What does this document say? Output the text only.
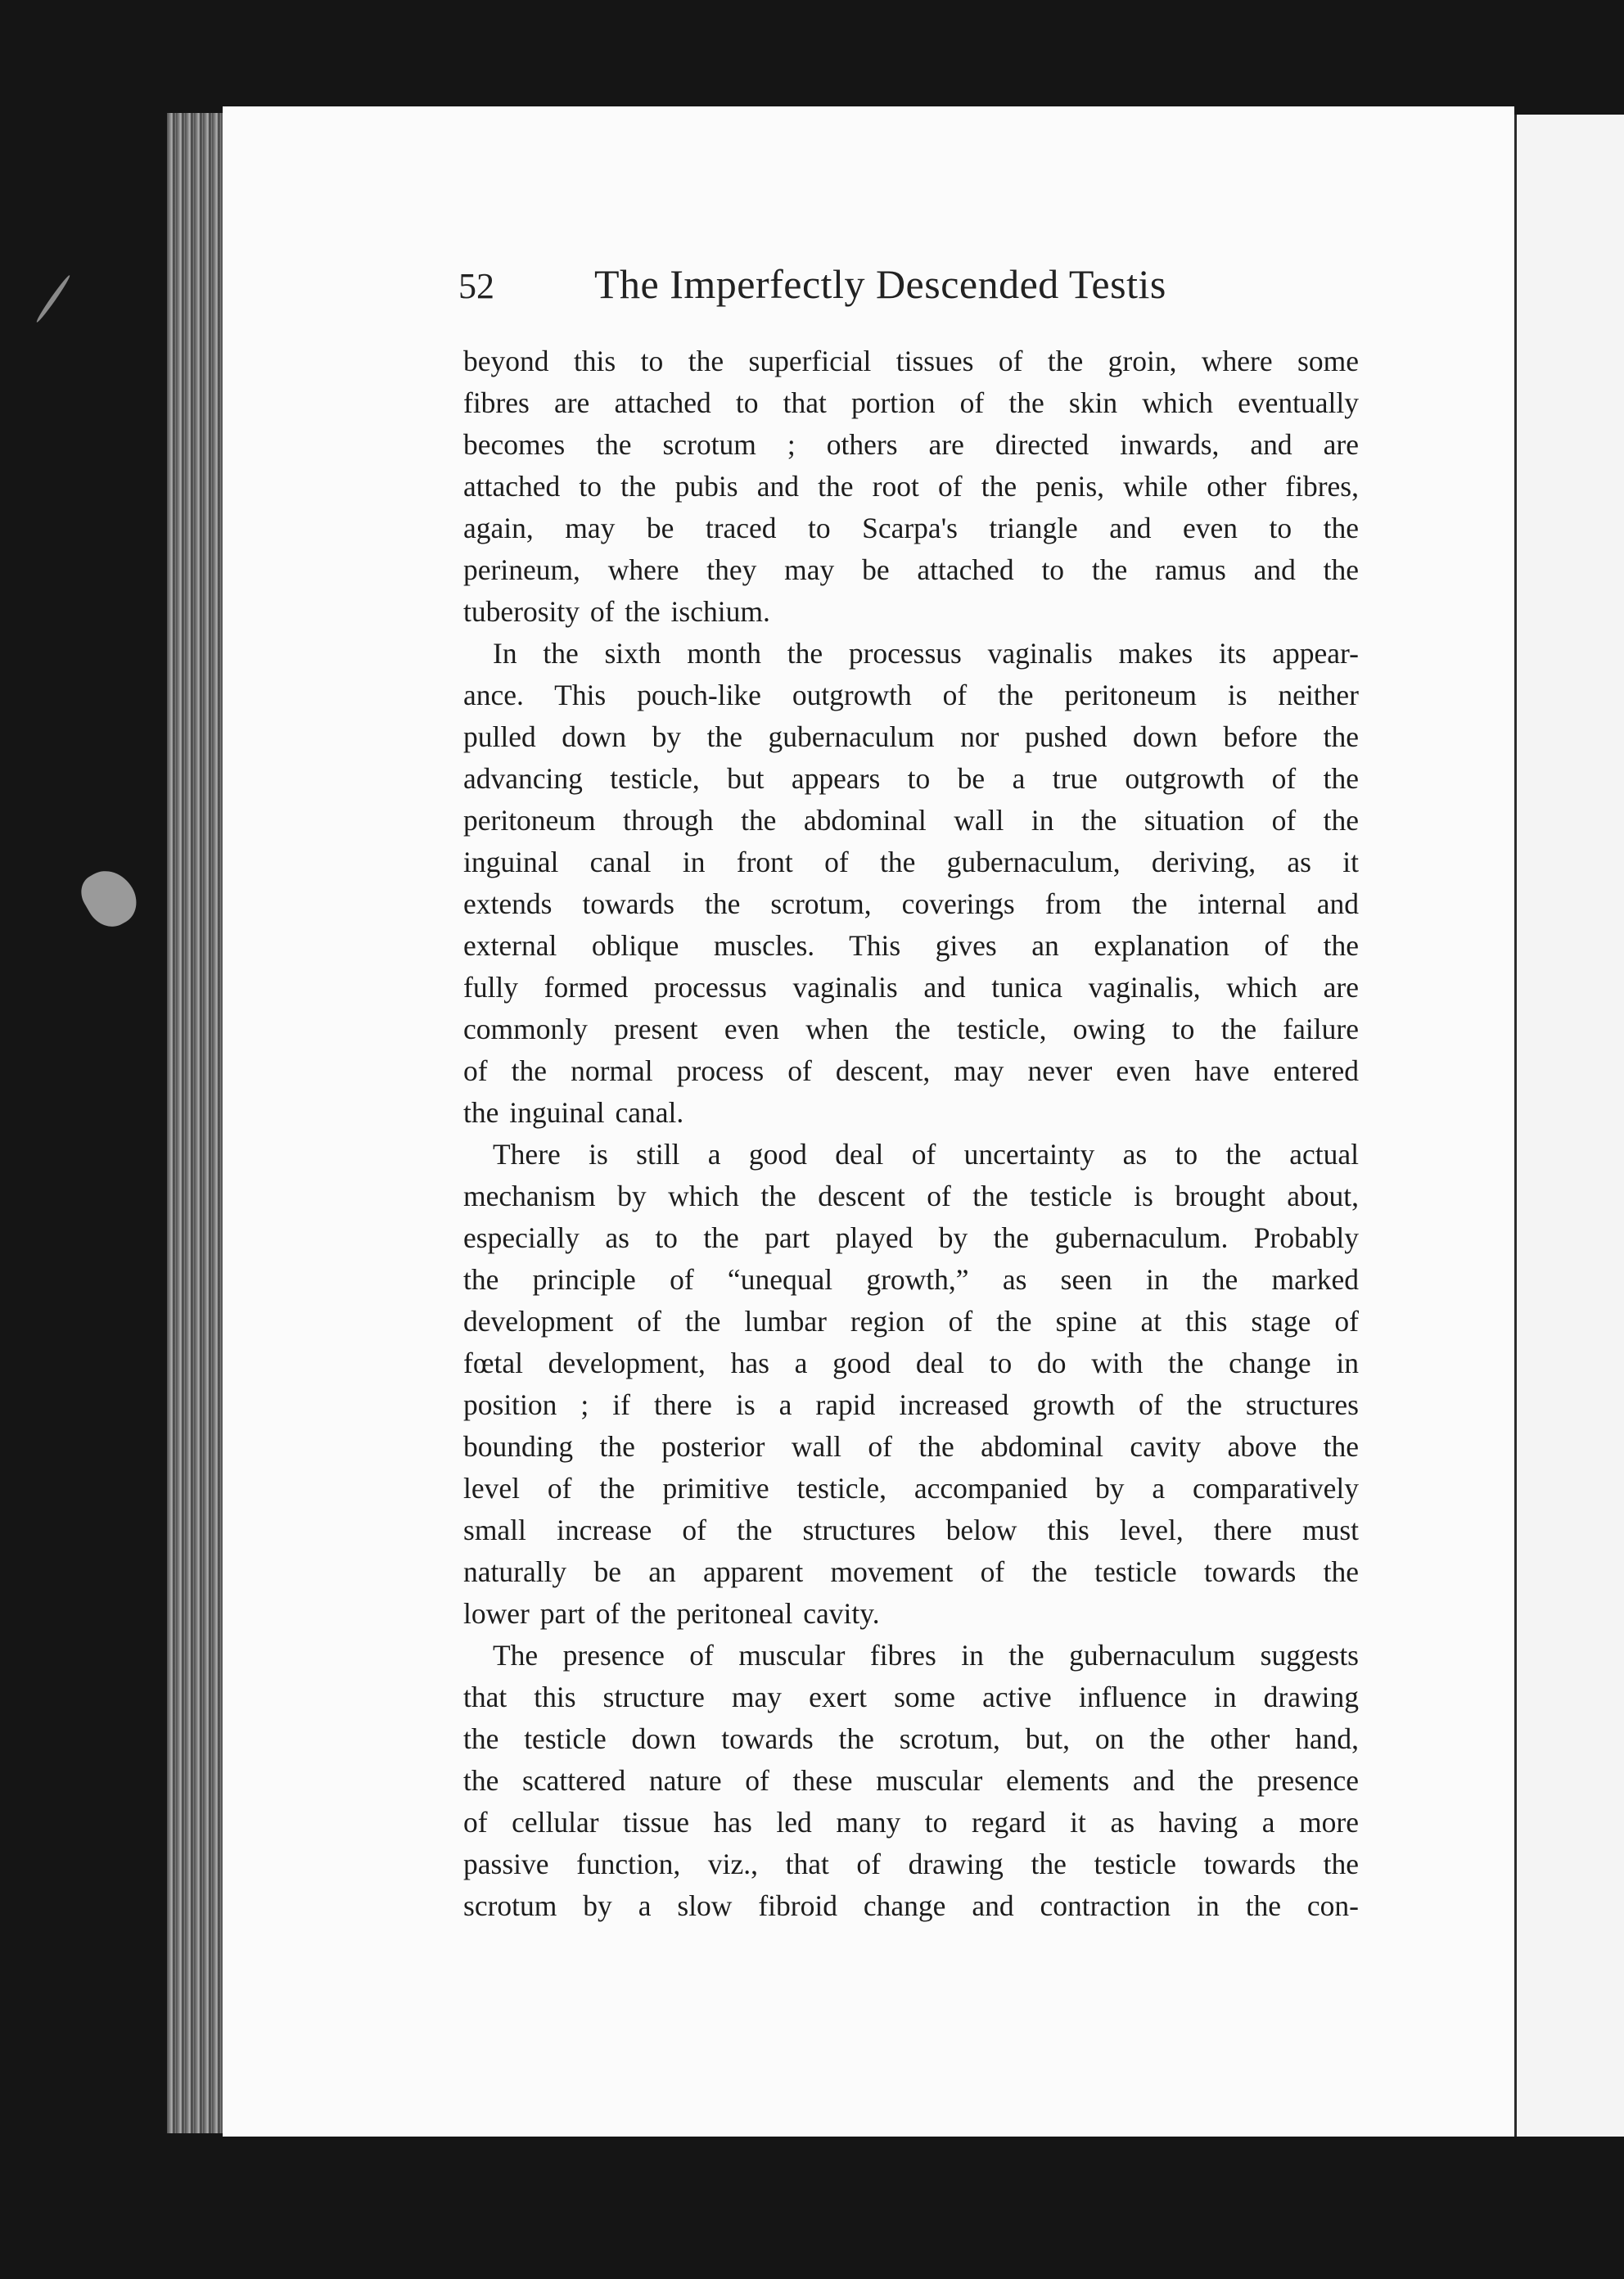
52 The Imperfectly Descended Testis
beyond this to the superficial tissues of the groin, where some
fibres are attached to that portion of the skin which eventually
becomes the scrotum ; others are directed inwards, and are
attached to the pubis and the root of the penis, while other fibres,
again, may be traced to Scarpa's triangle and even to the
perineum, where they may be attached to the ramus and the
tuberosity of the ischium.
In the sixth month the processus vaginalis makes its appear-
ance. This pouch-like outgrowth of the peritoneum is neither
pulled down by the gubernaculum nor pushed down before the
advancing testicle, but appears to be a true outgrowth of the
peritoneum through the abdominal wall in the situation of the
inguinal canal in front of the gubernaculum, deriving, as it
extends towards the scrotum, coverings from the internal and
external oblique muscles. This gives an explanation of the
fully formed processus vaginalis and tunica vaginalis, which are
commonly present even when the testicle, owing to the failure
of the normal process of descent, may never even have entered
the inguinal canal.
There is still a good deal of uncertainty as to the actual
mechanism by which the descent of the testicle is brought about,
especially as to the part played by the gubernaculum. Probably
the principle of “unequal growth,” as seen in the marked
development of the lumbar region of the spine at this stage of
fœtal development, has a good deal to do with the change in
position ; if there is a rapid increased growth of the structures
bounding the posterior wall of the abdominal cavity above the
level of the primitive testicle, accompanied by a comparatively
small increase of the structures below this level, there must
naturally be an apparent movement of the testicle towards the
lower part of the peritoneal cavity.
The presence of muscular fibres in the gubernaculum suggests
that this structure may exert some active influence in drawing
the testicle down towards the scrotum, but, on the other hand,
the scattered nature of these muscular elements and the presence
of cellular tissue has led many to regard it as having a more
passive function, viz., that of drawing the testicle towards the
scrotum by a slow fibroid change and contraction in the con-
